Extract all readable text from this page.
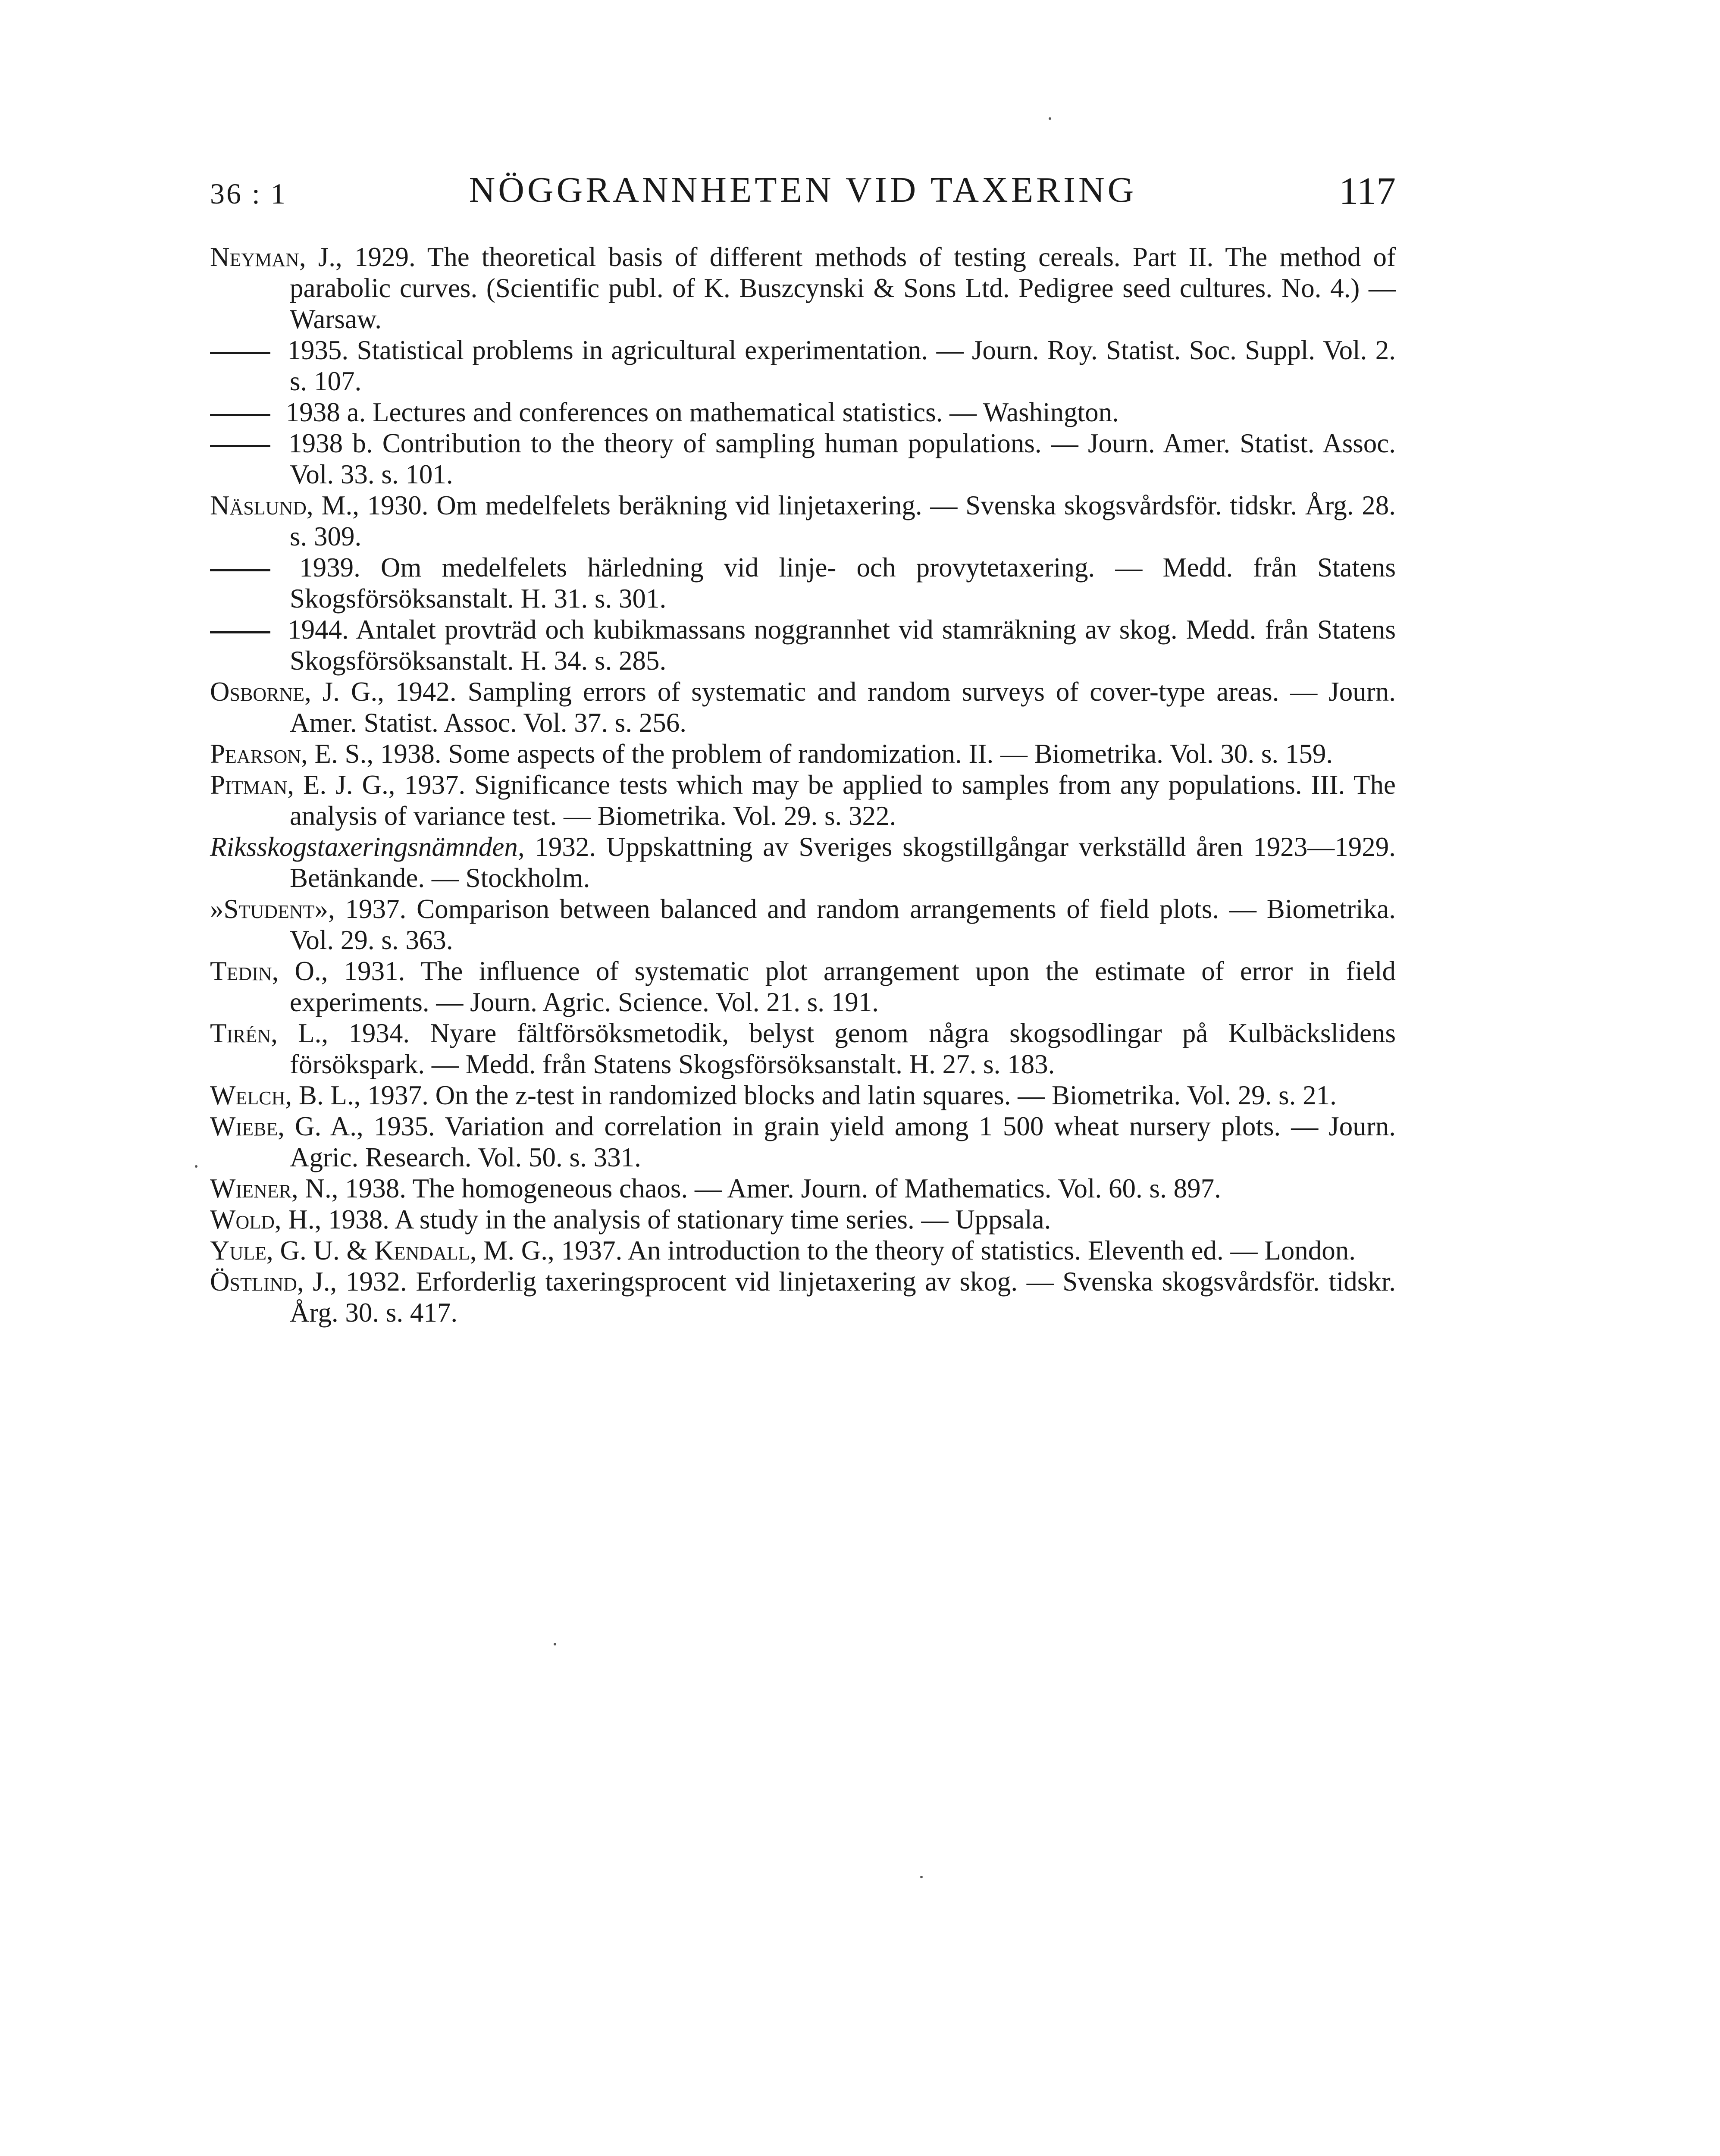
36 : 1	NÖGGRANNHETEN VID TAXERING	117

Neyman, J., 1929. The theoretical basis of different methods of testing cereals. Part II. The method of parabolic curves. (Scientific publ. of K. Buszcynski & Sons Ltd. Pedigree seed cultures. No. 4.) — Warsaw.

1935. Statistical problems in agricultural experimentation. — Journ. Roy. Statist. Soc. Suppl. Vol. 2. s. 107.

1938 a. Lectures and conferences on mathematical statistics. — Washington.

1938 b. Contribution to the theory of sampling human populations. — Journ. Amer. Statist. Assoc. Vol. 33. s. 101.

Näslund, M., 1930. Om medelfelets beräkning vid linjetaxering. — Svenska skogsvårdsför. tidskr. Årg. 28. s. 309.

1939. Om medelfelets härledning vid linje- och provytetaxering. — Medd. från Statens Skogsförsöksanstalt. H. 31. s. 301.

1944. Antalet provträd och kubikmassans noggrannhet vid stamräkning av skog. Medd. från Statens Skogsförsöksanstalt. H. 34. s. 285.

Osborne, J. G., 1942. Sampling errors of systematic and random surveys of cover-type areas. — Journ. Amer. Statist. Assoc. Vol. 37. s. 256.

Pearson, E. S., 1938. Some aspects of the problem of randomization. II. — Biometrika. Vol. 30. s. 159.

Pitman, E. J. G., 1937. Significance tests which may be applied to samples from any populations. III. The analysis of variance test. — Biometrika. Vol. 29. s. 322.

Riksskogstaxeringsnämnden, 1932. Uppskattning av Sveriges skogstillgångar verkställd åren 1923—1929. Betänkande. — Stockholm.

»Student», 1937. Comparison between balanced and random arrangements of field plots. — Biometrika. Vol. 29. s. 363.

Tedin, O., 1931. The influence of systematic plot arrangement upon the estimate of error in field experiments. — Journ. Agric. Science. Vol. 21. s. 191.

Tirén, L., 1934. Nyare fältförsöksmetodik, belyst genom några skogsodlingar på Kulbäckslidens försökspark. — Medd. från Statens Skogsförsöksanstalt. H. 27. s. 183.

Welch, B. L., 1937. On the z-test in randomized blocks and latin squares. — Biometrika. Vol. 29. s. 21.

Wiebe, G. A., 1935. Variation and correlation in grain yield among 1 500 wheat nursery plots. — Journ. Agric. Research. Vol. 50. s. 331.

Wiener, N., 1938. The homogeneous chaos. — Amer. Journ. of Mathematics. Vol. 60. s. 897.

Wold, H., 1938. A study in the analysis of stationary time series. — Uppsala.

Yule, G. U. & Kendall, M. G., 1937. An introduction to the theory of statistics. Eleventh ed. — London.

Östlind, J., 1932. Erforderlig taxeringsprocent vid linjetaxering av skog. — Svenska skogsvårdsför. tidskr. Årg. 30. s. 417.
